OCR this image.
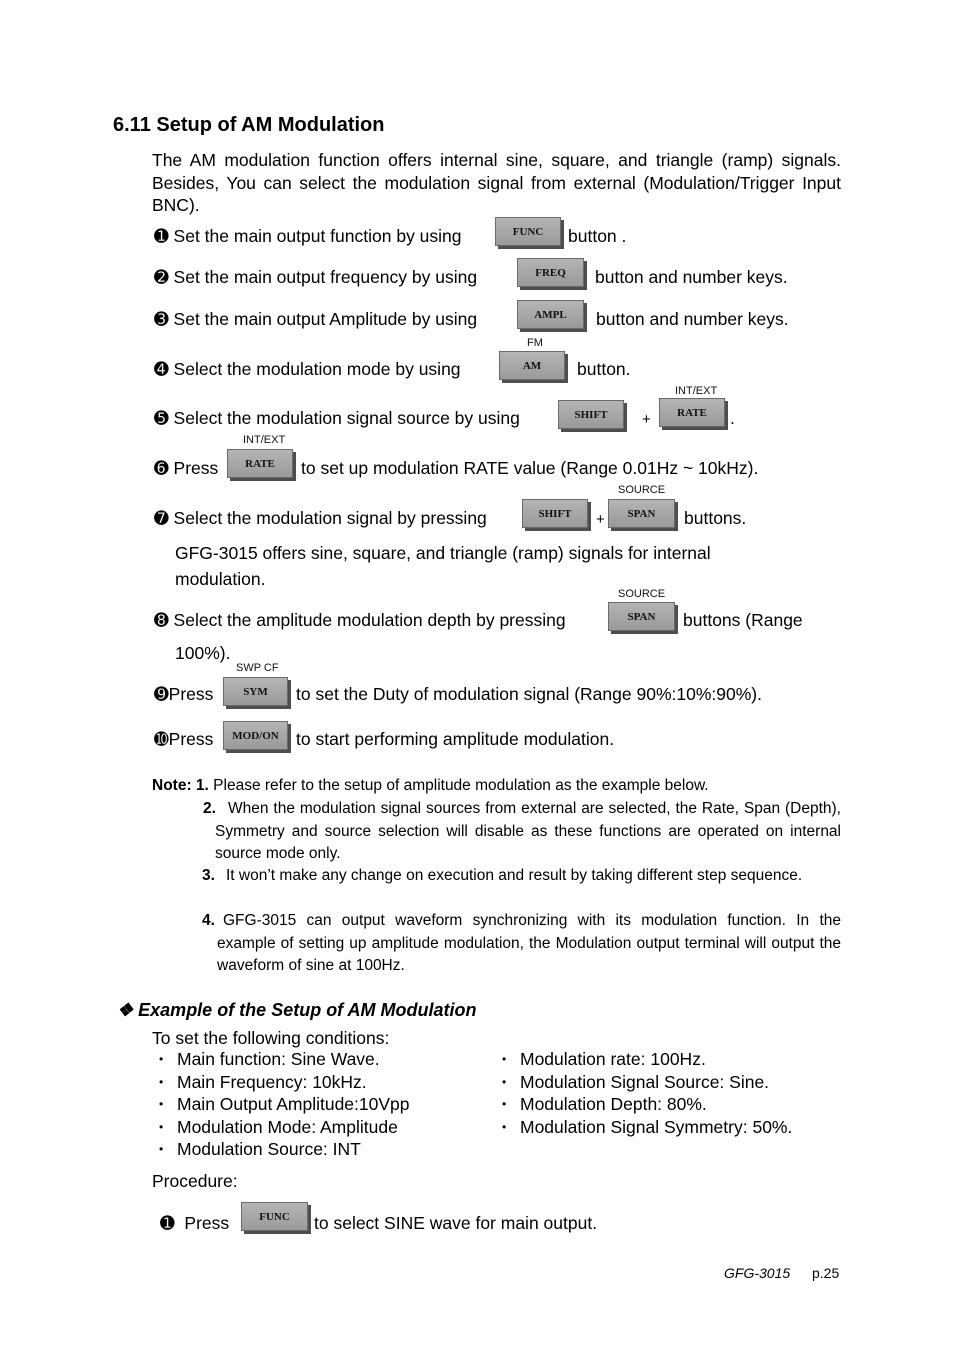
6.11 Setup of AM Modulation
The AM modulation function offers internal sine, square, and triangle (ramp) signals. Besides, You can select the modulation signal from external (Modulation/Trigger Input BNC).
➊ Set the main output function by using	FUNC	button .
➋ Set the main output frequency by using	FREQ	button and number keys.
➌ Set the main output Amplitude by using	AMPL	button and number keys.
FM
➍ Select the modulation mode by using	AM	button.
INT/EXT
➎ Select the modulation signal source by using	SHIFT	+	RATE	.
INT/EXT
➏ Press	RATE	to set up modulation RATE value (Range 0.01Hz ~ 10kHz).
SOURCE
➐ Select the modulation signal by pressing	SHIFT	+	SPAN	buttons.
GFG-3015 offers sine, square, and triangle (ramp) signals for internal
modulation.
SOURCE
➑ Select the amplitude modulation depth by pressing	SPAN	buttons (Range
100%).
SWP CF
➒Press	SYM	to set the Duty of modulation signal (Range 90%:10%:90%).
➓Press	MOD/ON to start performing amplitude modulation.
Note: 1. Please refer to the setup of amplitude modulation as the example below.
2. When the modulation signal sources from external are selected, the Rate, Span (Depth), Symmetry and source selection will disable as these functions are operated on internal source mode only.
3. It won’t make any change on execution and result by taking different step sequence.
4. GFG-3015 can output waveform synchronizing with its modulation function. In the example of setting up amplitude modulation, the Modulation output terminal will output the waveform of sine at 100Hz.
❖ Example of the Setup of AM Modulation
To set the following conditions:
• Main function: Sine Wave.
• Main Frequency: 10kHz.
• Main Output Amplitude:10Vpp
• Modulation Mode: Amplitude
• Modulation Source: INT
• Modulation rate: 100Hz.
• Modulation Signal Source: Sine.
• Modulation Depth: 80%.
• Modulation Signal Symmetry: 50%.
Procedure:
➊ Press	FUNC	to select SINE wave for main output.
GFG-3015 p.25
